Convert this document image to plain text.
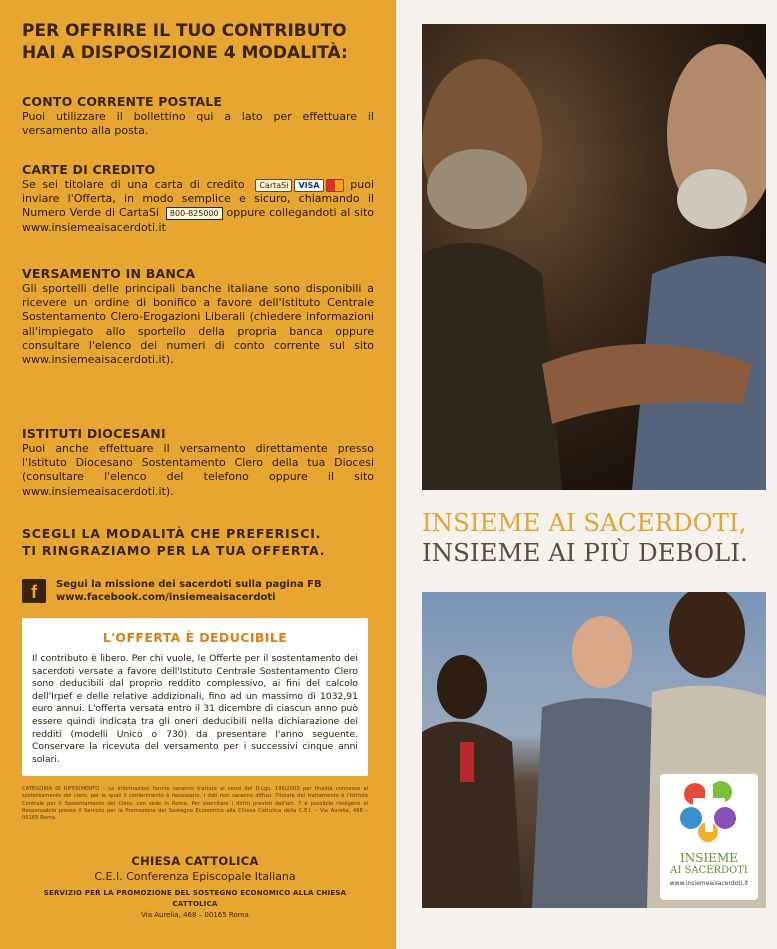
PER OFFRIRE IL TUO CONTRIBUTO
HAI A DISPOSIZIONE 4 MODALITÀ:
CONTO CORRENTE POSTALE
Puoi utilizzare il bollettino qui a lato per effettuare il versamento alla posta.
CARTE DI CREDITO
Se sei titolare di una carta di credito	CartaSi	VISA	puoi inviare l'Offerta, in modo semplice e sicuro, chiamando il Numero Verde di CartaSi 800-825000 oppure collegandoti al sito www.insiemeaisacerdoti.it
VERSAMENTO IN BANCA
Gli sportelli delle principali banche italiane sono disponibili a ricevere un ordine di bonifico a favore dell'Istituto Centrale Sostentamento Clero-Erogazioni Liberali (chiedere informazioni all'impiegato allo sportello della propria banca oppure consultare l'elenco dei numeri di conto corrente sul sito www.insiemeaisacerdoti.it).
ISTITUTI DIOCESANI
Puoi anche effettuare il versamento direttamente presso l'Istituto Diocesano Sostentamento Clero della tua Diocesi (consultare l'elenco del telefono oppure il sito www.insiemeaisacerdoti.it).
SCEGLI LA MODALITÀ CHE PREFERISCI.
TI RINGRAZIAMO PER LA TUA OFFERTA.
f	Segui la missione dei sacerdoti sulla pagina FB
www.facebook.com/insiemeaisacerdoti
L'OFFERTA È DEDUCIBILE
Il contributo è libero. Per chi vuole, le Offerte per il sostentamento dei sacerdoti versate a favore dell'Istituto Centrale Sostentamento Clero sono deducibili dal proprio reddito complessivo, ai fini del calcolo dell'Irpef e delle relative addizionali, fino ad un massimo di 1032,91 euro annui. L'offerta versata entro il 31 dicembre di ciascun anno può essere quindi indicata tra gli oneri deducibili nella dichiarazione dei redditi (modelli Unico o 730) da presentare l'anno seguente. Conservare la ricevuta del versamento per i successivi cinque anni solari.
CATEGORIA DI RIFERIMENTO – Le informazioni fornite saranno trattate ai sensi del D.Lgs. 196/2003 per finalità connesse al sostentamento del clero, per le quali il conferimento è necessario. I dati non saranno diffusi. Titolare del trattamento è l'Istituto Centrale per il Sostentamento del Clero, con sede in Roma. Per esercitare i diritti previsti dall'art. 7 è possibile rivolgersi al Responsabile presso il Servizio per la Promozione del Sostegno Economico alla Chiesa Cattolica della C.E.I. – Via Aurelia, 468 – 00165 Roma.
CHIESA CATTOLICA
C.E.I. Conferenza Episcopale Italiana
SERVIZIO PER LA PROMOZIONE DEL SOSTEGNO ECONOMICO ALLA CHIESA CATTOLICA
Via Aurelia, 468 – 00165 Roma
INSIEME AI SACERDOTI,
INSIEME AI PIÙ DEBOLI.
INSIEME
AI SACERDOTI
www.insiemeaisacerdoti.it
